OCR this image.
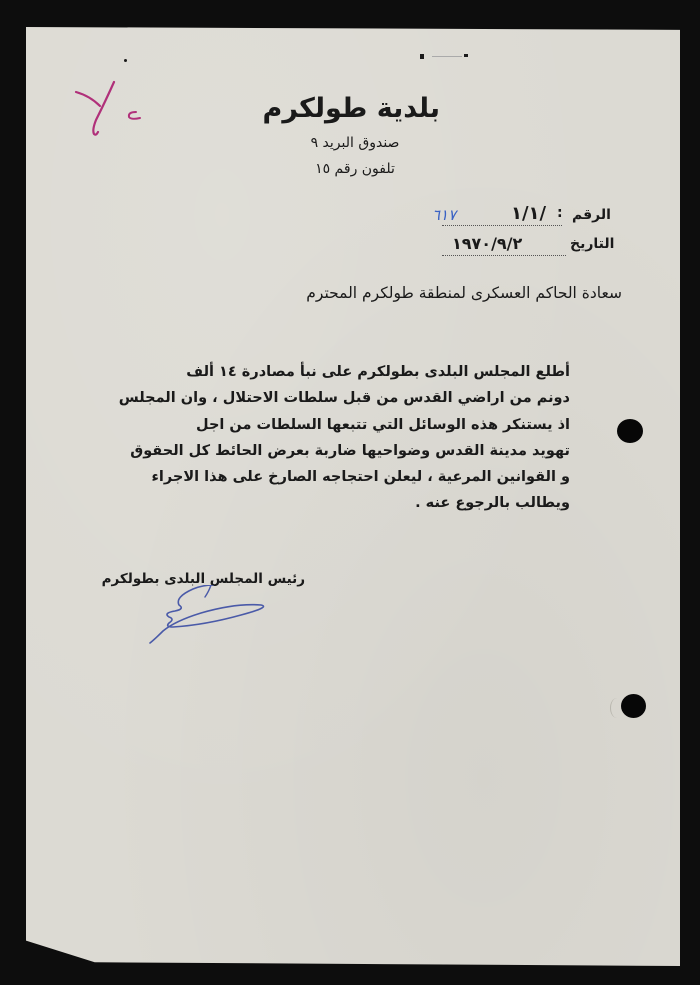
بلدية طولكرم
صندوق البريد ٩
تلفون رقم ١٥
الرقم
:
١/١/
٦١٧
التاريخ
١٩٧٠/٩/٢
سعادة الحاكم العسكرى لمنطقة طولكرم المحترم
أطلع المجلس البلدى بطولكرم على نبأ مصادرة ١٤ ألف
دونم من اراضي القدس من قبل سلطات الاحتلال ، وان المجلس
اذ يستنكر هذه الوسائل التي تتبعها السلطات من اجل
تهويد مدينة القدس وضواحيها ضاربة بعرض الحائط كل الحقوق
و القوانين المرعية ، ليعلن احتجاجه الصارخ على هذا الاجراء
ويطالب بالرجوع عنه .
رئيس المجلس البلدى بطولكرم
